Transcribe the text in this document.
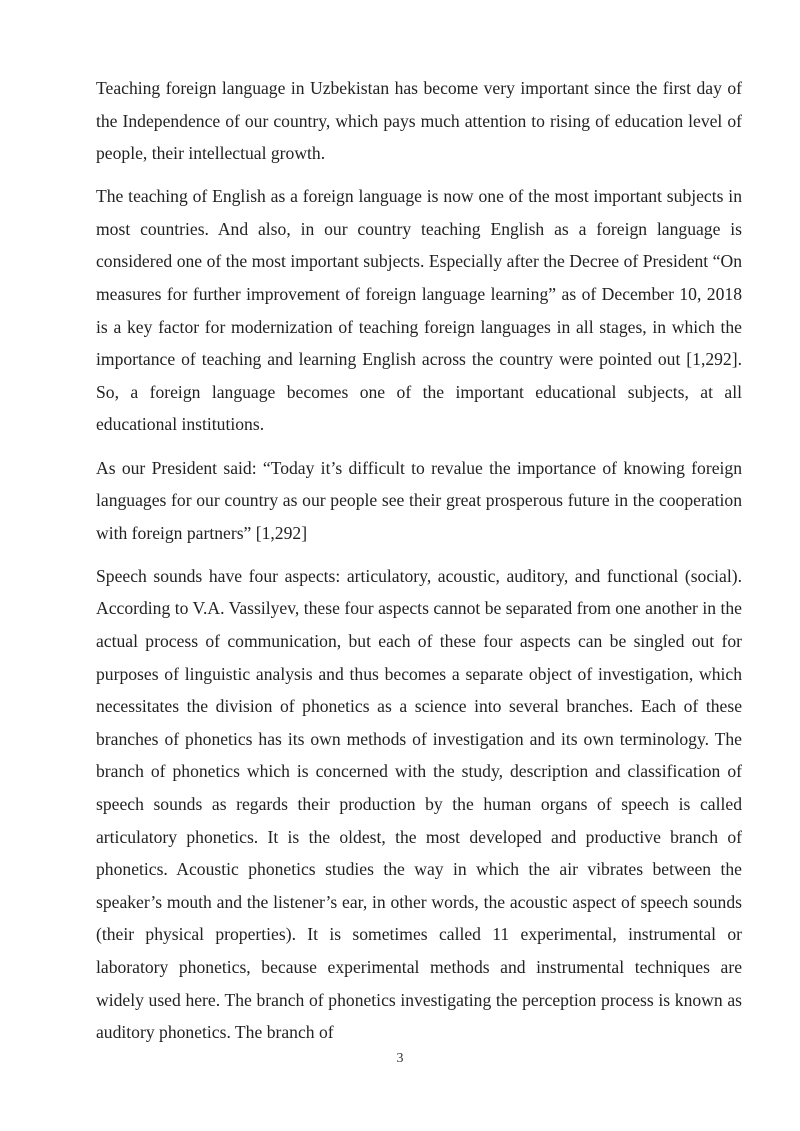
Teaching foreign language in Uzbekistan has become very important since the first day of the Independence of our country, which pays much attention to rising of education level of people, their intellectual growth.

The teaching of English as a foreign language is now one of the most important subjects in most countries. And also, in our country teaching English as a foreign language is considered one of the most important subjects. Especially after the Decree of President “On measures for further improvement of foreign language learning” as of December 10, 2018 is a key factor for modernization of teaching foreign languages in all stages, in which the importance of teaching and learning English across the country were pointed out [1,292]. So, a foreign language becomes one of the important educational subjects, at all educational institutions.

As our President said: “Today it’s difficult to revalue the importance of knowing foreign languages for our country as our people see their great prosperous future in the cooperation with foreign partners” [1,292]

Speech sounds have four aspects: articulatory, acoustic, auditory, and functional (social). According to V.A. Vassilyev, these four aspects cannot be separated from one another in the actual process of communication, but each of these four aspects can be singled out for purposes of linguistic analysis and thus becomes a separate object of investigation, which necessitates the division of phonetics as a science into several branches. Each of these branches of phonetics has its own methods of investigation and its own terminology. The branch of phonetics which is concerned with the study, description and classification of speech sounds as regards their production by the human organs of speech is called articulatory phonetics. It is the oldest, the most developed and productive branch of phonetics. Acoustic phonetics studies the way in which the air vibrates between the speaker’s mouth and the listener’s ear, in other words, the acoustic aspect of speech sounds (their physical properties). It is sometimes called 11 experimental, instrumental or laboratory phonetics, because experimental methods and instrumental techniques are widely used here. The branch of phonetics investigating the perception process is known as auditory phonetics. The branch of

3
